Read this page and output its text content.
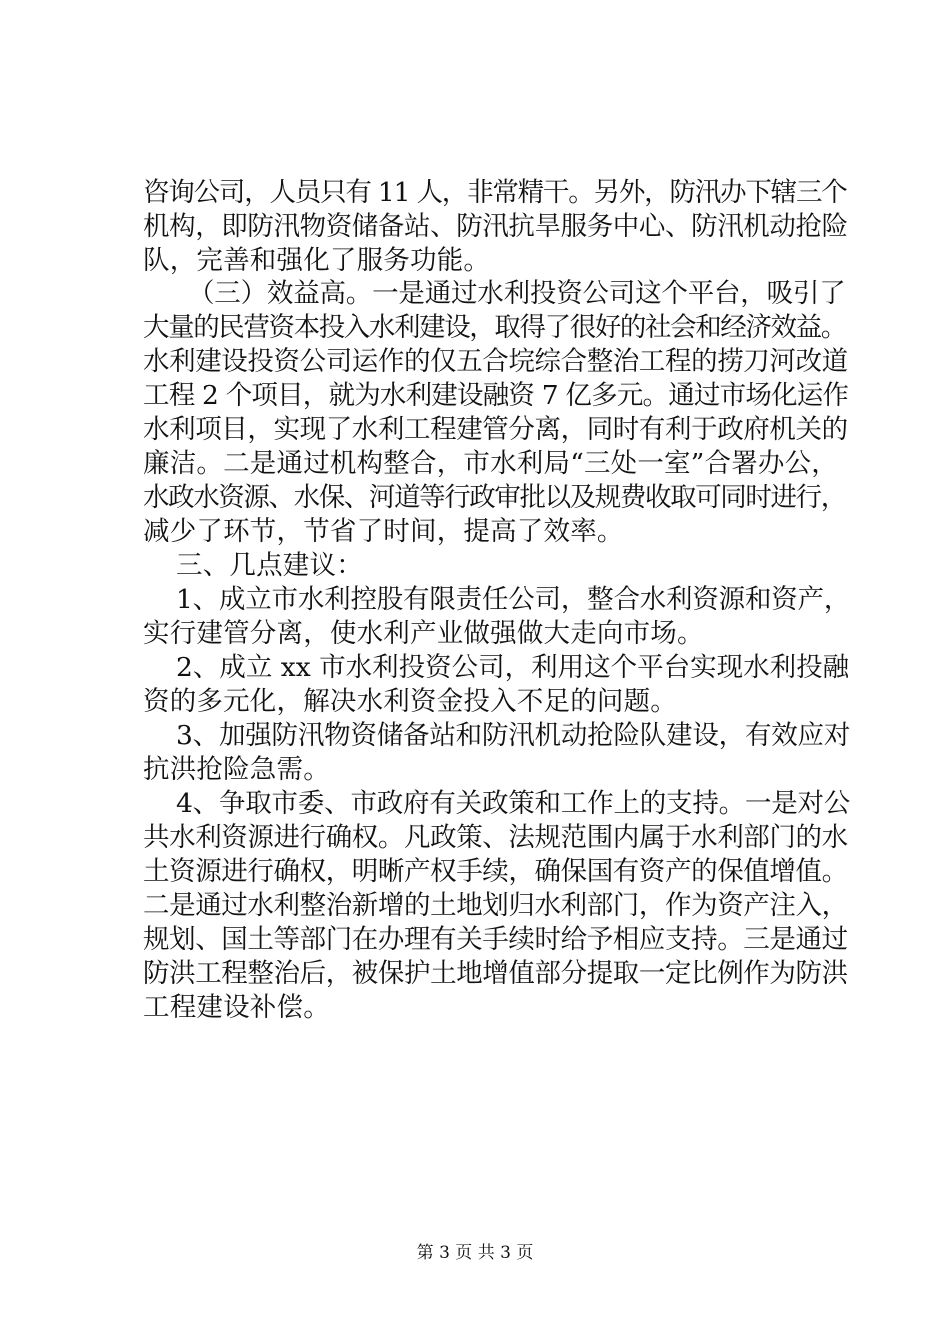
咨询公司，人员只有 11 人，非常精干。另外，防汛办下辖三个
机构，即防汛物资储备站、防汛抗旱服务中心、防汛机动抢险
队，完善和强化了服务功能。
（三）效益高。一是通过水利投资公司这个平台，吸引了
大量的民营资本投入水利建设，取得了很好的社会和经济效益。
水利建设投资公司运作的仅五合垸综合整治工程的捞刀河改道
工程 2 个项目，就为水利建设融资 7 亿多元。通过市场化运作
水利项目，实现了水利工程建管分离，同时有利于政府机关的
廉洁。二是通过机构整合，市水利局“三处一室”合署办公，
水政水资源、水保、河道等行政审批以及规费收取可同时进行，
减少了环节，节省了时间，提高了效率。
三、几点建议：
1、成立市水利控股有限责任公司，整合水利资源和资产，
实行建管分离，使水利产业做强做大走向市场。
2、成立 xx 市水利投资公司，利用这个平台实现水利投融
资的多元化，解决水利资金投入不足的问题。
3、加强防汛物资储备站和防汛机动抢险队建设，有效应对
抗洪抢险急需。
4、争取市委、市政府有关政策和工作上的支持。一是对公
共水利资源进行确权。凡政策、法规范围内属于水利部门的水
土资源进行确权，明晰产权手续，确保国有资产的保值增值。
二是通过水利整治新增的土地划归水利部门，作为资产注入，
规划、国土等部门在办理有关手续时给予相应支持。三是通过
防洪工程整治后，被保护土地增值部分提取一定比例作为防洪
工程建设补偿。
第 3 页 共 3 页
